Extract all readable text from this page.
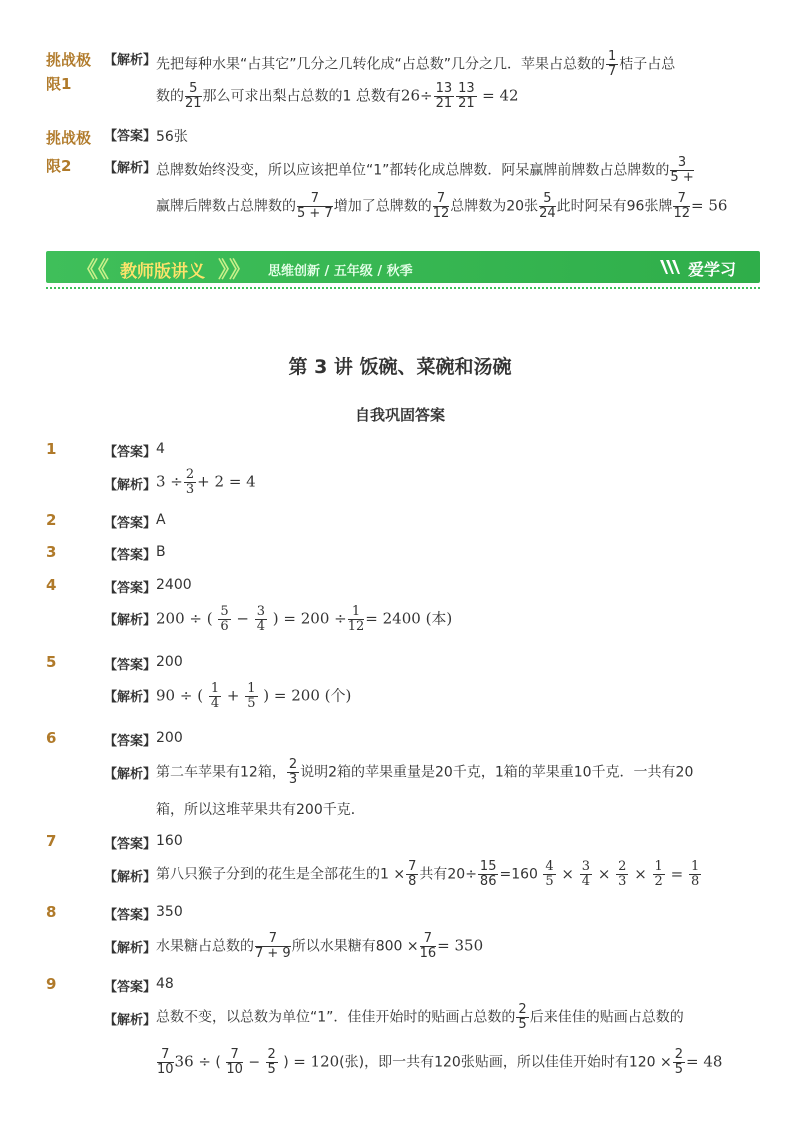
挑战极限1
【解析】 先把每种水果“占其它”几分之几转化成“占总数”几分之几．苹果占总数的 $\frac{1}{7}$ 桔子占总
数的 $\frac{5}{21}$ 那么可求出梨占总数的1 总数有$26\div \frac{13}{21} \frac{13}{21} = 42$
挑战极限2
【答案】 56张
【解析】 总牌数始终没变，所以应该把单位“1”都转化成总牌数．阿呆赢牌前牌数占总牌数的 $\frac{3}{5 +}$
赢牌后牌数占总牌数的 $\frac{7}{5 + 7}$ 增加了总牌数的 $\frac{7}{12}$ 总牌数为20张 $\frac{5}{24}$ 此时阿呆有96张牌 $\frac{7}{12} = 56$
《《 教师版讲义 》》 思维创新 / 五年级 / 秋季	爱学习
第 3 讲 饭碗、菜碗和汤碗
自我巩固答案
1	【答案】 4
【解析】 $3 \div \frac{2}{3} + 2 = 4$
2	【答案】 A
3	【答案】 B
4	【答案】 2400
【解析】 200 ÷ ( $\frac{5}{6} - \frac{3}{4}$ ) = $200 \div \frac{1}{12} = 2400$ (本)
5	【答案】 200
【解析】 90 ÷ ( $\frac{1}{4} + \frac{1}{5}$ ) = 200 (个)
6	【答案】 200
【解析】 第二车苹果有12箱， $\frac{2}{3}$ 说明2箱的苹果重量是20千克，1箱的苹果重10千克．一共有20
箱，所以这堆苹果共有200千克．
7	【答案】 160
【解析】 第八只猴子分到的花生是全部花生的$1 \times \frac{7}{8}$ 共有$20\div \frac{15}{86} =160 \frac{4}{5} \times \frac{3}{4} \times \frac{2}{3} \times \frac{1}{2} = \frac{1}{8}$
8	【答案】 350
【解析】 水果糖占总数的 $\frac{7}{7 + 9}$ 所以水果糖有$800 \times \frac{7}{16} = 350$
9	【答案】 48
【解析】 总数不变，以总数为单位“1”．佳佳开始时的贴画占总数的 $\frac{2}{5}$ 后来佳佳的贴画占总数的
$\frac{7}{10} 36$ ÷ ( $\frac{7}{10} - \frac{2}{5}$ ) = 120(张)，即一共有120张贴画，所以佳佳开始时有$120 \times \frac{2}{5} = 48$
